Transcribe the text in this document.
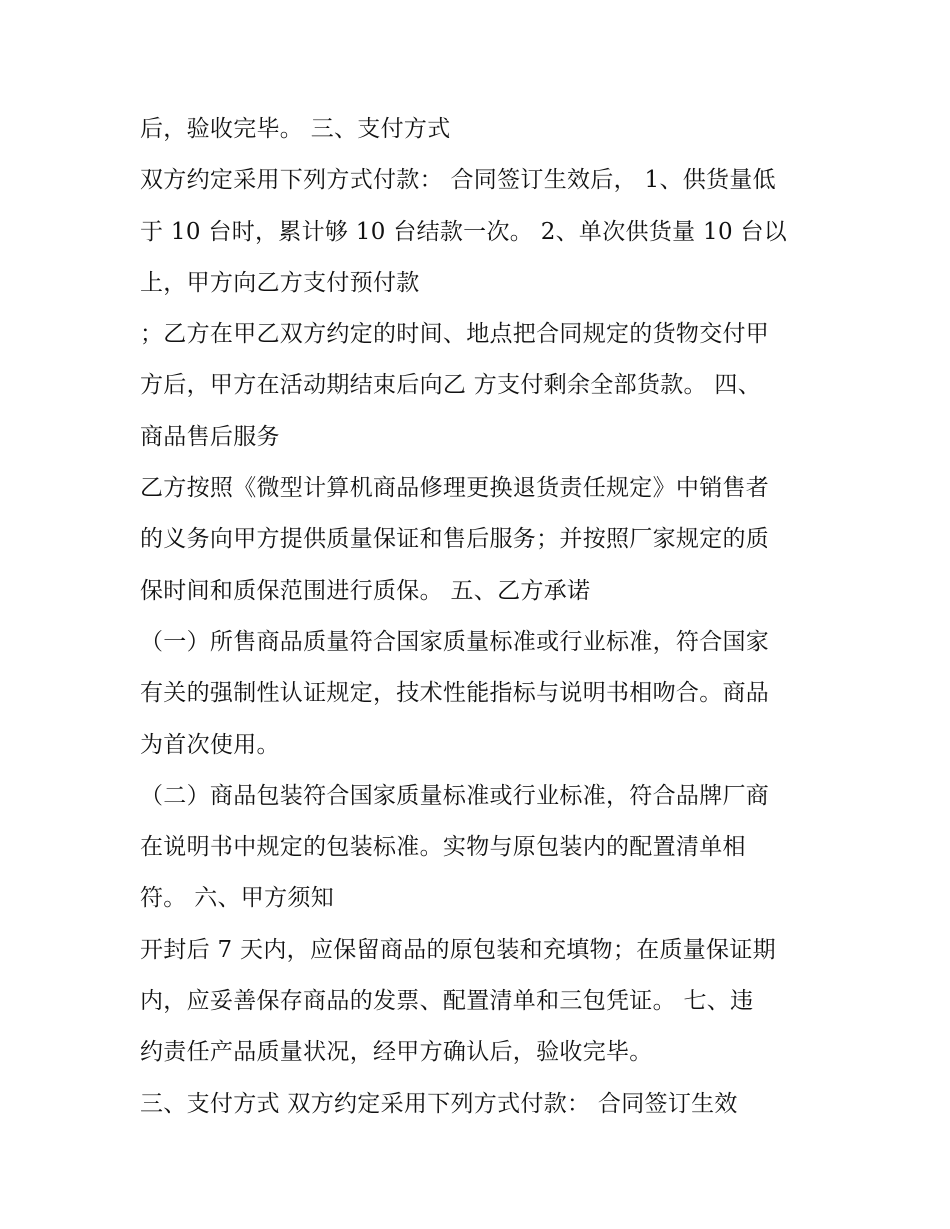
后，验收完毕。 三、支付方式
双方约定采用下列方式付款： 合同签订生效后， 1、供货量低
于 10 台时，累计够 10 台结款一次。 2、单次供货量 10 台以
上，甲方向乙方支付预付款
；乙方在甲乙双方约定的时间、地点把合同规定的货物交付甲
方后，甲方在活动期结束后向乙 方支付剩余全部货款。 四、
商品售后服务
乙方按照《微型计算机商品修理更换退货责任规定》中销售者
的义务向甲方提供质量保证和售后服务；并按照厂家规定的质
保时间和质保范围进行质保。 五、乙方承诺
（一）所售商品质量符合国家质量标准或行业标准，符合国家
有关的强制性认证规定，技术性能指标与说明书相吻合。商品
为首次使用。
（二）商品包装符合国家质量标准或行业标准，符合品牌厂商
在说明书中规定的包装标准。实物与原包装内的配置清单相
符。 六、甲方须知
开封后 7 天内，应保留商品的原包装和充填物；在质量保证期
内，应妥善保存商品的发票、配置清单和三包凭证。 七、违
约责任产品质量状况，经甲方确认后，验收完毕。
三、支付方式 双方约定采用下列方式付款： 合同签订生效
